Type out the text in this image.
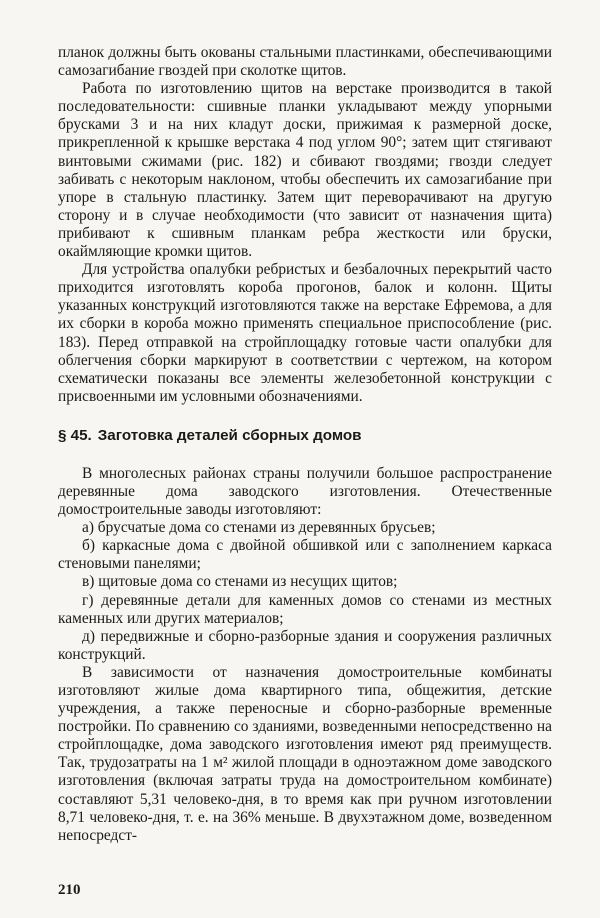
планок должны быть окованы стальными пластинками, обеспечивающими самозагибание гвоздей при сколотке щитов.

Работа по изготовлению щитов на верстаке производится в такой последовательности: сшивные планки укладывают между упорными брусками 3 и на них кладут доски, прижимая к размерной доске, прикрепленной к крышке верстака 4 под углом 90°; затем щит стягивают винтовыми сжимами (рис. 182) и сбивают гвоздями; гвозди следует забивать с некоторым наклоном, чтобы обеспечить их самозагибание при упоре в стальную пластинку. Затем щит переворачивают на другую сторону и в случае необходимости (что зависит от назначения щита) прибивают к сшивным планкам ребра жесткости или бруски, окаймляющие кромки щитов.

Для устройства опалубки ребристых и безбалочных перекрытий часто приходится изготовлять короба прогонов, балок и колонн. Щиты указанных конструкций изготовляются также на верстаке Ефремова, а для их сборки в короба можно применять специальное приспособление (рис. 183). Перед отправкой на стройплощадку готовые части опалубки для облегчения сборки маркируют в соответствии с чертежом, на котором схематически показаны все элементы железобетонной конструкции с присвоенными им условными обозначениями.

§ 45. Заготовка деталей сборных домов

В многолесных районах страны получили большое распространение деревянные дома заводского изготовления. Отечественные домостроительные заводы изготовляют:

а) брусчатые дома со стенами из деревянных брусьев;

б) каркасные дома с двойной обшивкой или с заполнением каркаса стеновыми панелями;

в) щитовые дома со стенами из несущих щитов;

г) деревянные детали для каменных домов со стенами из местных каменных или других материалов;

д) передвижные и сборно-разборные здания и сооружения различных конструкций.

В зависимости от назначения домостроительные комбинаты изготовляют жилые дома квартирного типа, общежития, детские учреждения, а также переносные и сборно-разборные временные постройки. По сравнению со зданиями, возведенными непосредственно на стройплощадке, дома заводского изготовления имеют ряд преимуществ. Так, трудозатраты на 1 м² жилой площади в одноэтажном доме заводского изготовления (включая затраты труда на домостроительном комбинате) составляют 5,31 человеко-дня, в то время как при ручном изготовлении 8,71 человеко-дня, т. е. на 36% меньше. В двухэтажном доме, возведенном непосредст-

210
